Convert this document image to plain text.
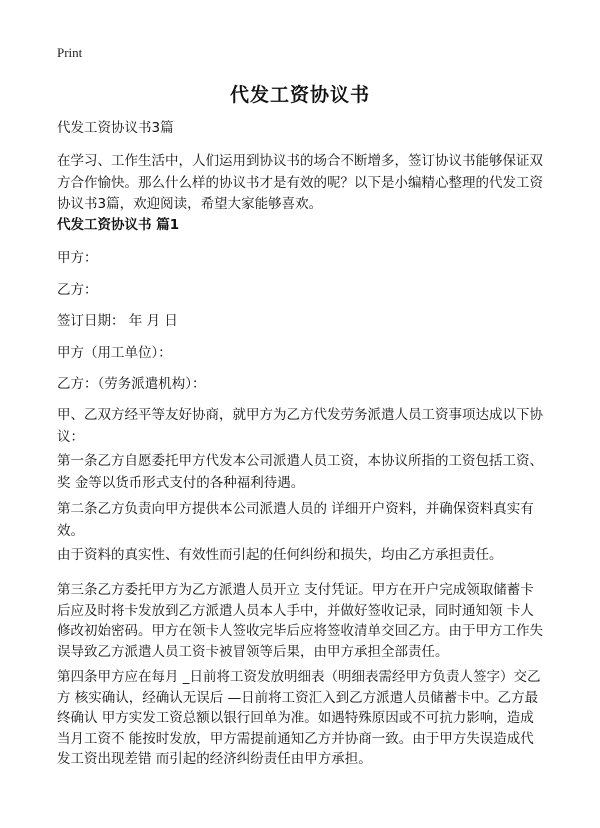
Print
代发工资协议书
代发工资协议书3篇
在学习、工作生活中，人们运用到协议书的场合不断增多，签订协议书能够保证双方合作愉快。那么什么样的协议书才是有效的呢？以下是小编精心整理的代发工资协议书3篇，欢迎阅读，希望大家能够喜欢。
代发工资协议书 篇1
甲方：
乙方：
签订日期： 年 月 日
甲方（用工单位）：
乙方：（劳务派遣机构）：
甲、乙双方经平等友好协商，就甲方为乙方代发劳务派遣人员工资事项达成以下协议：
第一条乙方自愿委托甲方代发本公司派遣人员工资，本协议所指的工资包括工资、奖 金等以货币形式支付的各种福利待遇。
第二条乙方负责向甲方提供本公司派遣人员的 详细开户资料，并确保资料真实有效。
由于资料的真实性、有效性而引起的任何纠纷和损失，均由乙方承担责任。
第三条乙方委托甲方为乙方派遣人员开立 支付凭证。甲方在开户完成领取储蓄卡后应及时将卡发放到乙方派遣人员本人手中，并做好签收记录，同时通知领 卡人修改初始密码。甲方在领卡人签收完毕后应将签收清单交回乙方。由于甲方工作失误导致乙方派遣人员工资卡被冒领等后果，由甲方承担全部责任。
第四条甲方应在每月 _日前将工资发放明细表（明细表需经甲方负责人签字）交乙方 核实确认，经确认无误后 —日前将工资汇入到乙方派遣人员储蓄卡中。乙方最终确认 甲方实发工资总额以银行回单为准。如遇特殊原因或不可抗力影响，造成当月工资不 能按时发放，甲方需提前通知乙方并协商一致。由于甲方失误造成代发工资出现差错 而引起的经济纠纷责任由甲方承担。
